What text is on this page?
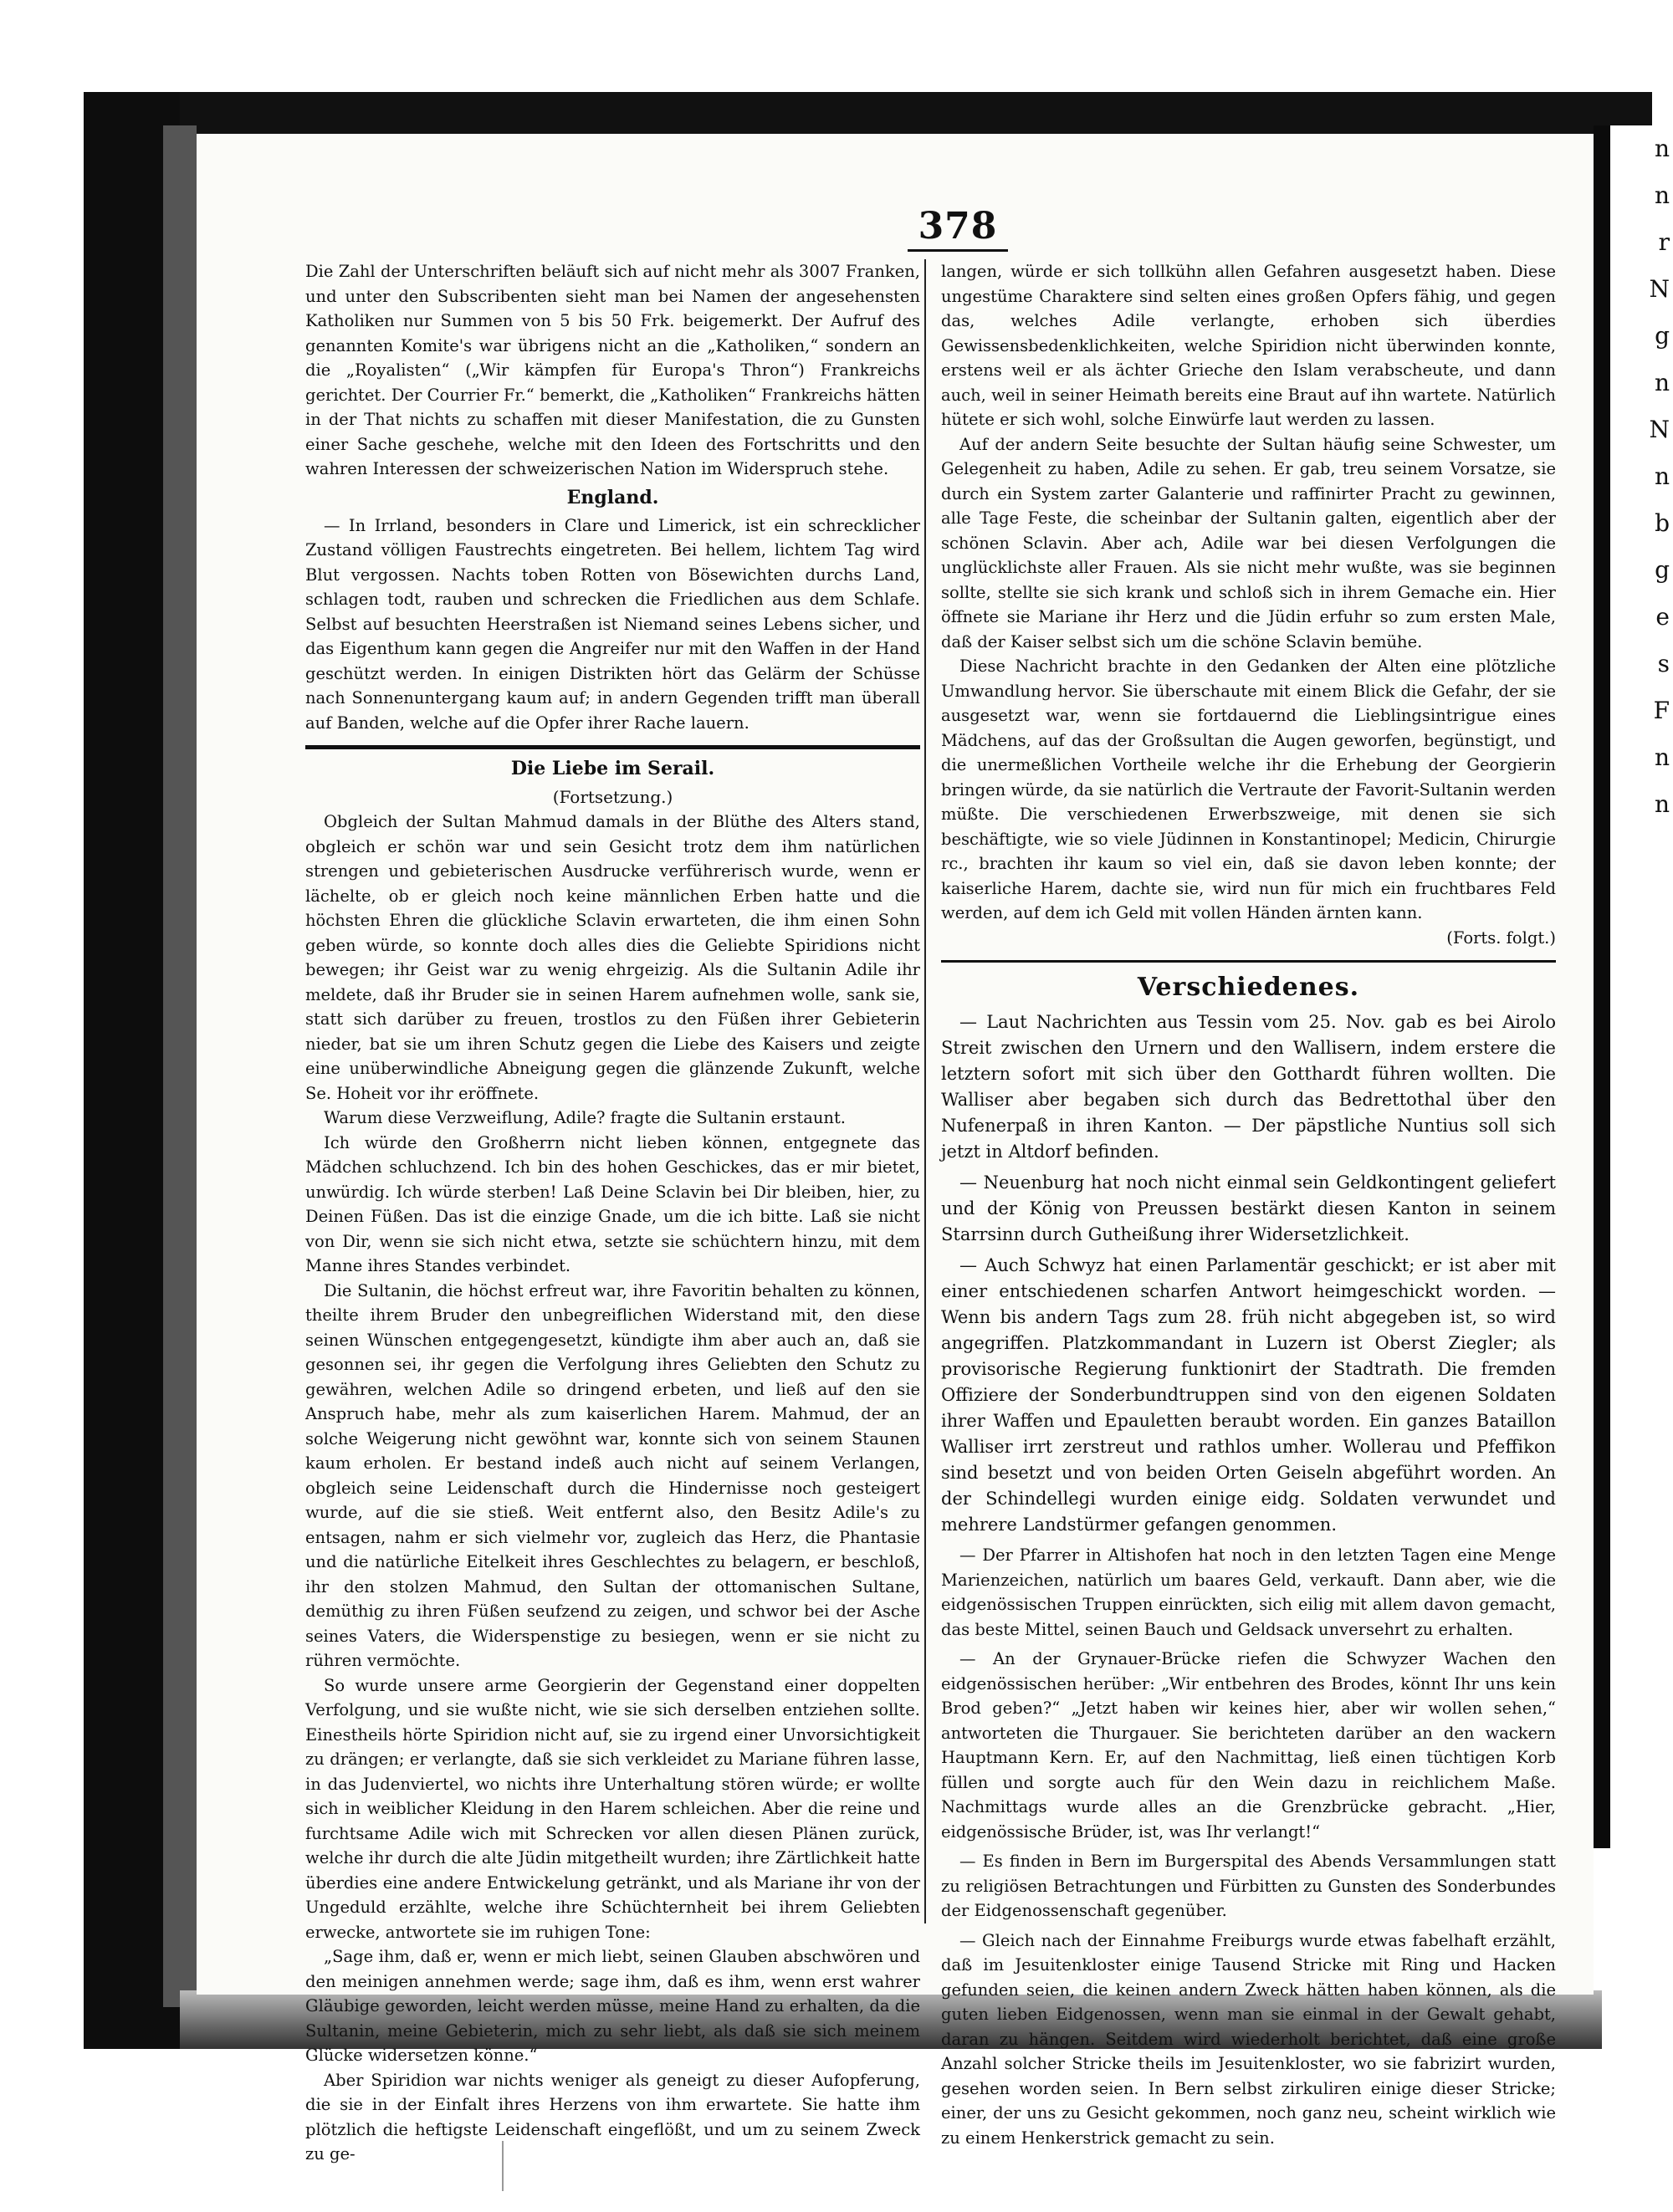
n
n
r
N
g
n
N
n
b
g
e
s
F
n
n
378

Die Zahl der Unterschriften beläuft sich auf nicht mehr als 3007 Franken, und unter den Subscribenten sieht man bei Namen der angesehensten Katholiken nur Summen von 5 bis 50 Frk. beigemerkt. Der Aufruf des genannten Komite's war übrigens nicht an die „Katholiken,“ sondern an die „Royalisten“ („Wir kämpfen für Europa's Thron“) Frankreichs gerichtet. Der Courrier Fr.“ bemerkt, die „Katholiken“ Frankreichs hätten in der That nichts zu schaffen mit dieser Manifestation, die zu Gunsten einer Sache geschehe, welche mit den Ideen des Fortschritts und den wahren Interessen der schweizerischen Nation im Widerspruch stehe.

England.

— In Irrland, besonders in Clare und Limerick, ist ein schrecklicher Zustand völligen Faustrechts eingetreten. Bei hellem, lichtem Tag wird Blut vergossen. Nachts toben Rotten von Bösewichten durchs Land, schlagen todt, rauben und schrecken die Friedlichen aus dem Schlafe. Selbst auf besuchten Heerstraßen ist Niemand seines Lebens sicher, und das Eigenthum kann gegen die Angreifer nur mit den Waffen in der Hand geschützt werden. In einigen Distrikten hört das Gelärm der Schüsse nach Sonnenuntergang kaum auf; in andern Gegenden trifft man überall auf Banden, welche auf die Opfer ihrer Rache lauern.

Die Liebe im Serail.
(Fortsetzung.)

Obgleich der Sultan Mahmud damals in der Blüthe des Alters stand, obgleich er schön war und sein Gesicht trotz dem ihm natürlichen strengen und gebieterischen Ausdrucke verführerisch wurde, wenn er lächelte, ob er gleich noch keine männlichen Erben hatte und die höchsten Ehren die glückliche Sclavin erwarteten, die ihm einen Sohn geben würde, so konnte doch alles dies die Geliebte Spiridions nicht bewegen; ihr Geist war zu wenig ehrgeizig. Als die Sultanin Adile ihr meldete, daß ihr Bruder sie in seinen Harem aufnehmen wolle, sank sie, statt sich darüber zu freuen, trostlos zu den Füßen ihrer Gebieterin nieder, bat sie um ihren Schutz gegen die Liebe des Kaisers und zeigte eine unüberwindliche Abneigung gegen die glänzende Zukunft, welche Se. Hoheit vor ihr eröffnete.

Warum diese Verzweiflung, Adile? fragte die Sultanin erstaunt.

Ich würde den Großherrn nicht lieben können, entgegnete das Mädchen schluchzend. Ich bin des hohen Geschickes, das er mir bietet, unwürdig. Ich würde sterben! Laß Deine Sclavin bei Dir bleiben, hier, zu Deinen Füßen. Das ist die einzige Gnade, um die ich bitte. Laß sie nicht von Dir, wenn sie sich nicht etwa, setzte sie schüchtern hinzu, mit dem Manne ihres Standes verbindet.

Die Sultanin, die höchst erfreut war, ihre Favoritin behalten zu können, theilte ihrem Bruder den unbegreiflichen Widerstand mit, den diese seinen Wünschen entgegengesetzt, kündigte ihm aber auch an, daß sie gesonnen sei, ihr gegen die Verfolgung ihres Geliebten den Schutz zu gewähren, welchen Adile so dringend erbeten, und ließ auf den sie Anspruch habe, mehr als zum kaiserlichen Harem. Mahmud, der an solche Weigerung nicht gewöhnt war, konnte sich von seinem Staunen kaum erholen. Er bestand indeß auch nicht auf seinem Verlangen, obgleich seine Leidenschaft durch die Hindernisse noch gesteigert wurde, auf die sie stieß. Weit entfernt also, den Besitz Adile's zu entsagen, nahm er sich vielmehr vor, zugleich das Herz, die Phantasie und die natürliche Eitelkeit ihres Geschlechtes zu belagern, er beschloß, ihr den stolzen Mahmud, den Sultan der ottomanischen Sultane, demüthig zu ihren Füßen seufzend zu zeigen, und schwor bei der Asche seines Vaters, die Widerspenstige zu besiegen, wenn er sie nicht zu rühren vermöchte.

So wurde unsere arme Georgierin der Gegenstand einer doppelten Verfolgung, und sie wußte nicht, wie sie sich derselben entziehen sollte. Einestheils hörte Spiridion nicht auf, sie zu irgend einer Unvorsichtigkeit zu drängen; er verlangte, daß sie sich verkleidet zu Mariane führen lasse, in das Judenviertel, wo nichts ihre Unterhaltung stören würde; er wollte sich in weiblicher Kleidung in den Harem schleichen. Aber die reine und furchtsame Adile wich mit Schrecken vor allen diesen Plänen zurück, welche ihr durch die alte Jüdin mitgetheilt wurden; ihre Zärtlichkeit hatte überdies eine andere Entwickelung getränkt, und als Mariane ihr von der Ungeduld erzählte, welche ihre Schüchternheit bei ihrem Geliebten erwecke, antwortete sie im ruhigen Tone:

„Sage ihm, daß er, wenn er mich liebt, seinen Glauben abschwören und den meinigen annehmen werde; sage ihm, daß es ihm, wenn erst wahrer Gläubige geworden, leicht werden müsse, meine Hand zu erhalten, da die Sultanin, meine Gebieterin, mich zu sehr liebt, als daß sie sich meinem Glücke widersetzen könne.“

Aber Spiridion war nichts weniger als geneigt zu dieser Aufopferung, die sie in der Einfalt ihres Herzens von ihm erwartete. Sie hatte ihm plötzlich die heftigste Leidenschaft eingeflößt, und um zu seinem Zweck zu ge-

langen, würde er sich tollkühn allen Gefahren ausgesetzt haben. Diese ungestüme Charaktere sind selten eines großen Opfers fähig, und gegen das, welches Adile verlangte, erhoben sich überdies Gewissensbedenklichkeiten, welche Spiridion nicht überwinden konnte, erstens weil er als ächter Grieche den Islam verabscheute, und dann auch, weil in seiner Heimath bereits eine Braut auf ihn wartete. Natürlich hütete er sich wohl, solche Einwürfe laut werden zu lassen.

Auf der andern Seite besuchte der Sultan häufig seine Schwester, um Gelegenheit zu haben, Adile zu sehen. Er gab, treu seinem Vorsatze, sie durch ein System zarter Galanterie und raffinirter Pracht zu gewinnen, alle Tage Feste, die scheinbar der Sultanin galten, eigentlich aber der schönen Sclavin. Aber ach, Adile war bei diesen Verfolgungen die unglücklichste aller Frauen. Als sie nicht mehr wußte, was sie beginnen sollte, stellte sie sich krank und schloß sich in ihrem Gemache ein. Hier öffnete sie Mariane ihr Herz und die Jüdin erfuhr so zum ersten Male, daß der Kaiser selbst sich um die schöne Sclavin bemühe.

Diese Nachricht brachte in den Gedanken der Alten eine plötzliche Umwandlung hervor. Sie überschaute mit einem Blick die Gefahr, der sie ausgesetzt war, wenn sie fortdauernd die Lieblingsintrigue eines Mädchens, auf das der Großsultan die Augen geworfen, begünstigt, und die unermeßlichen Vortheile welche ihr die Erhebung der Georgierin bringen würde, da sie natürlich die Vertraute der Favorit-Sultanin werden müßte. Die verschiedenen Erwerbszweige, mit denen sie sich beschäftigte, wie so viele Jüdinnen in Konstantinopel; Medicin, Chirurgie rc., brachten ihr kaum so viel ein, daß sie davon leben konnte; der kaiserliche Harem, dachte sie, wird nun für mich ein fruchtbares Feld werden, auf dem ich Geld mit vollen Händen ärnten kann.

(Forts. folgt.)
Verschiedenes.

— Laut Nachrichten aus Tessin vom 25. Nov. gab es bei Airolo Streit zwischen den Urnern und den Wallisern, indem erstere die letztern sofort mit sich über den Gotthardt führen wollten. Die Walliser aber begaben sich durch das Bedrettothal über den Nufenerpaß in ihren Kanton. — Der päpstliche Nuntius soll sich jetzt in Altdorf befinden.

— Neuenburg hat noch nicht einmal sein Geldkontingent geliefert und der König von Preussen bestärkt diesen Kanton in seinem Starrsinn durch Gutheißung ihrer Widersetzlichkeit.

— Auch Schwyz hat einen Parlamentär geschickt; er ist aber mit einer entschiedenen scharfen Antwort heimgeschickt worden. — Wenn bis andern Tags zum 28. früh nicht abgegeben ist, so wird angegriffen. Platzkommandant in Luzern ist Oberst Ziegler; als provisorische Regierung funktionirt der Stadtrath. Die fremden Offiziere der Sonderbundtruppen sind von den eigenen Soldaten ihrer Waffen und Epauletten beraubt worden. Ein ganzes Bataillon Walliser irrt zerstreut und rathlos umher. Wollerau und Pfeffikon sind besetzt und von beiden Orten Geiseln abgeführt worden. An der Schindellegi wurden einige eidg. Soldaten verwundet und mehrere Landstürmer gefangen genommen.

— Der Pfarrer in Altishofen hat noch in den letzten Tagen eine Menge Marienzeichen, natürlich um baares Geld, verkauft. Dann aber, wie die eidgenössischen Truppen einrückten, sich eilig mit allem davon gemacht, das beste Mittel, seinen Bauch und Geldsack unversehrt zu erhalten.

— An der Grynauer-Brücke riefen die Schwyzer Wachen den eidgenössischen herüber: „Wir entbehren des Brodes, könnt Ihr uns kein Brod geben?“ „Jetzt haben wir keines hier, aber wir wollen sehen,“ antworteten die Thurgauer. Sie berichteten darüber an den wackern Hauptmann Kern. Er, auf den Nachmittag, ließ einen tüchtigen Korb füllen und sorgte auch für den Wein dazu in reichlichem Maße. Nachmittags wurde alles an die Grenzbrücke gebracht. „Hier, eidgenössische Brüder, ist, was Ihr verlangt!“

— Es finden in Bern im Burgerspital des Abends Versammlungen statt zu religiösen Betrachtungen und Fürbitten zu Gunsten des Sonderbundes der Eidgenossenschaft gegenüber.

— Gleich nach der Einnahme Freiburgs wurde etwas fabelhaft erzählt, daß im Jesuitenkloster einige Tausend Stricke mit Ring und Hacken gefunden seien, die keinen andern Zweck hätten haben können, als die guten lieben Eidgenossen, wenn man sie einmal in der Gewalt gehabt, daran zu hängen. Seitdem wird wiederholt berichtet, daß eine große Anzahl solcher Stricke theils im Jesuitenkloster, wo sie fabrizirt wurden, gesehen worden seien. In Bern selbst zirkuliren einige dieser Stricke; einer, der uns zu Gesicht gekommen, noch ganz neu, scheint wirklich wie zu einem Henkerstrick gemacht zu sein.
